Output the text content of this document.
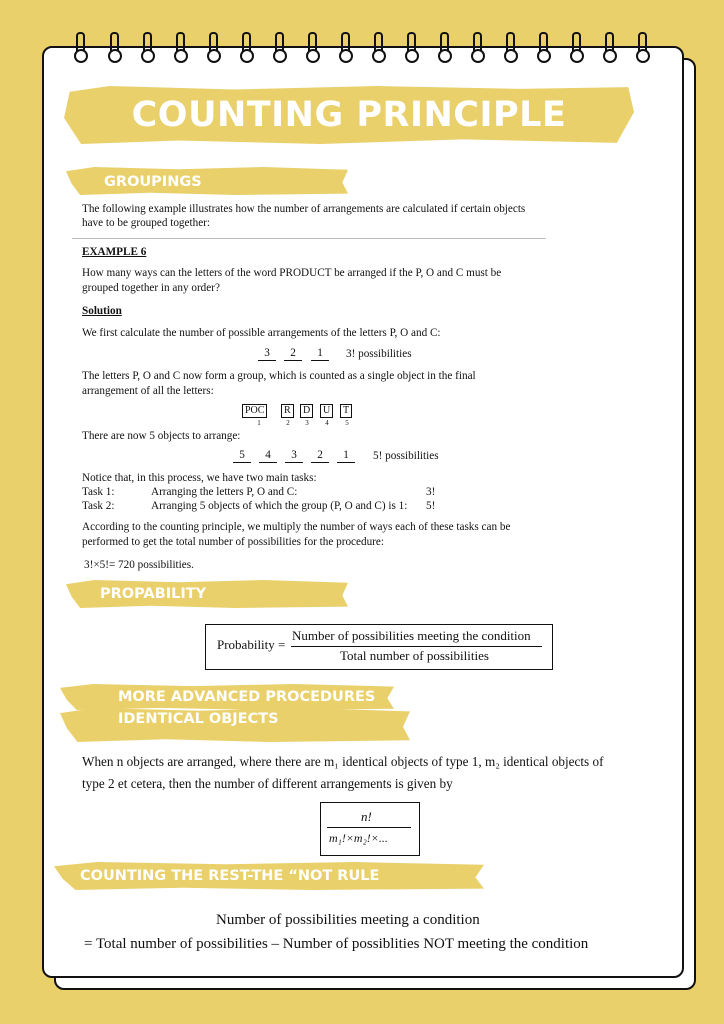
COUNTING PRINCIPLE
GROUPINGS
The following example illustrates how the number of arrangements are calculated if certain objects
have to be grouped together:
EXAMPLE 6
How many ways can the letters of the word PRODUCT be arranged if the P, O and C must be
grouped together in any order?
Solution
We first calculate the number of possible arrangements of the letters P, O and C:
3	2	1	3! possibilities
The letters P, O and C now form a group, which is counted as a single object in the final
arrangement of all the letters:
POC	R	D	U	T
1	2	3	4	5
There are now 5 objects to arrange:
5	4	3	2	1	5! possibilities
Notice that, in this process, we have two main tasks:
Task 1:	Arranging the letters P, O and C:	3!
Task 2:	Arranging 5 objects of which the group (P, O and C) is 1: 5!
According to the counting principle, we multiply the number of ways each of these tasks can be
performed to get the total number of possibilities for the procedure:
3!×5!= 720 possibilities.
PROPABILITY
Probability =
Number of possibilities meeting the condition
Total number of possibilities
MORE ADVANCED PROCEDURES
IDENTICAL OBJECTS
When n objects are arranged, where there are m₁ identical objects of type 1, m₂ identical objects of
type 2 et cetera, then the number of different arrangements is given by
n!
m₁!×m₂!×...
COUNTING THE REST-THE “NOT RULE
Number of possibilities meeting a condition
= Total number of possibilities – Number of possiblities NOT meeting the condition
